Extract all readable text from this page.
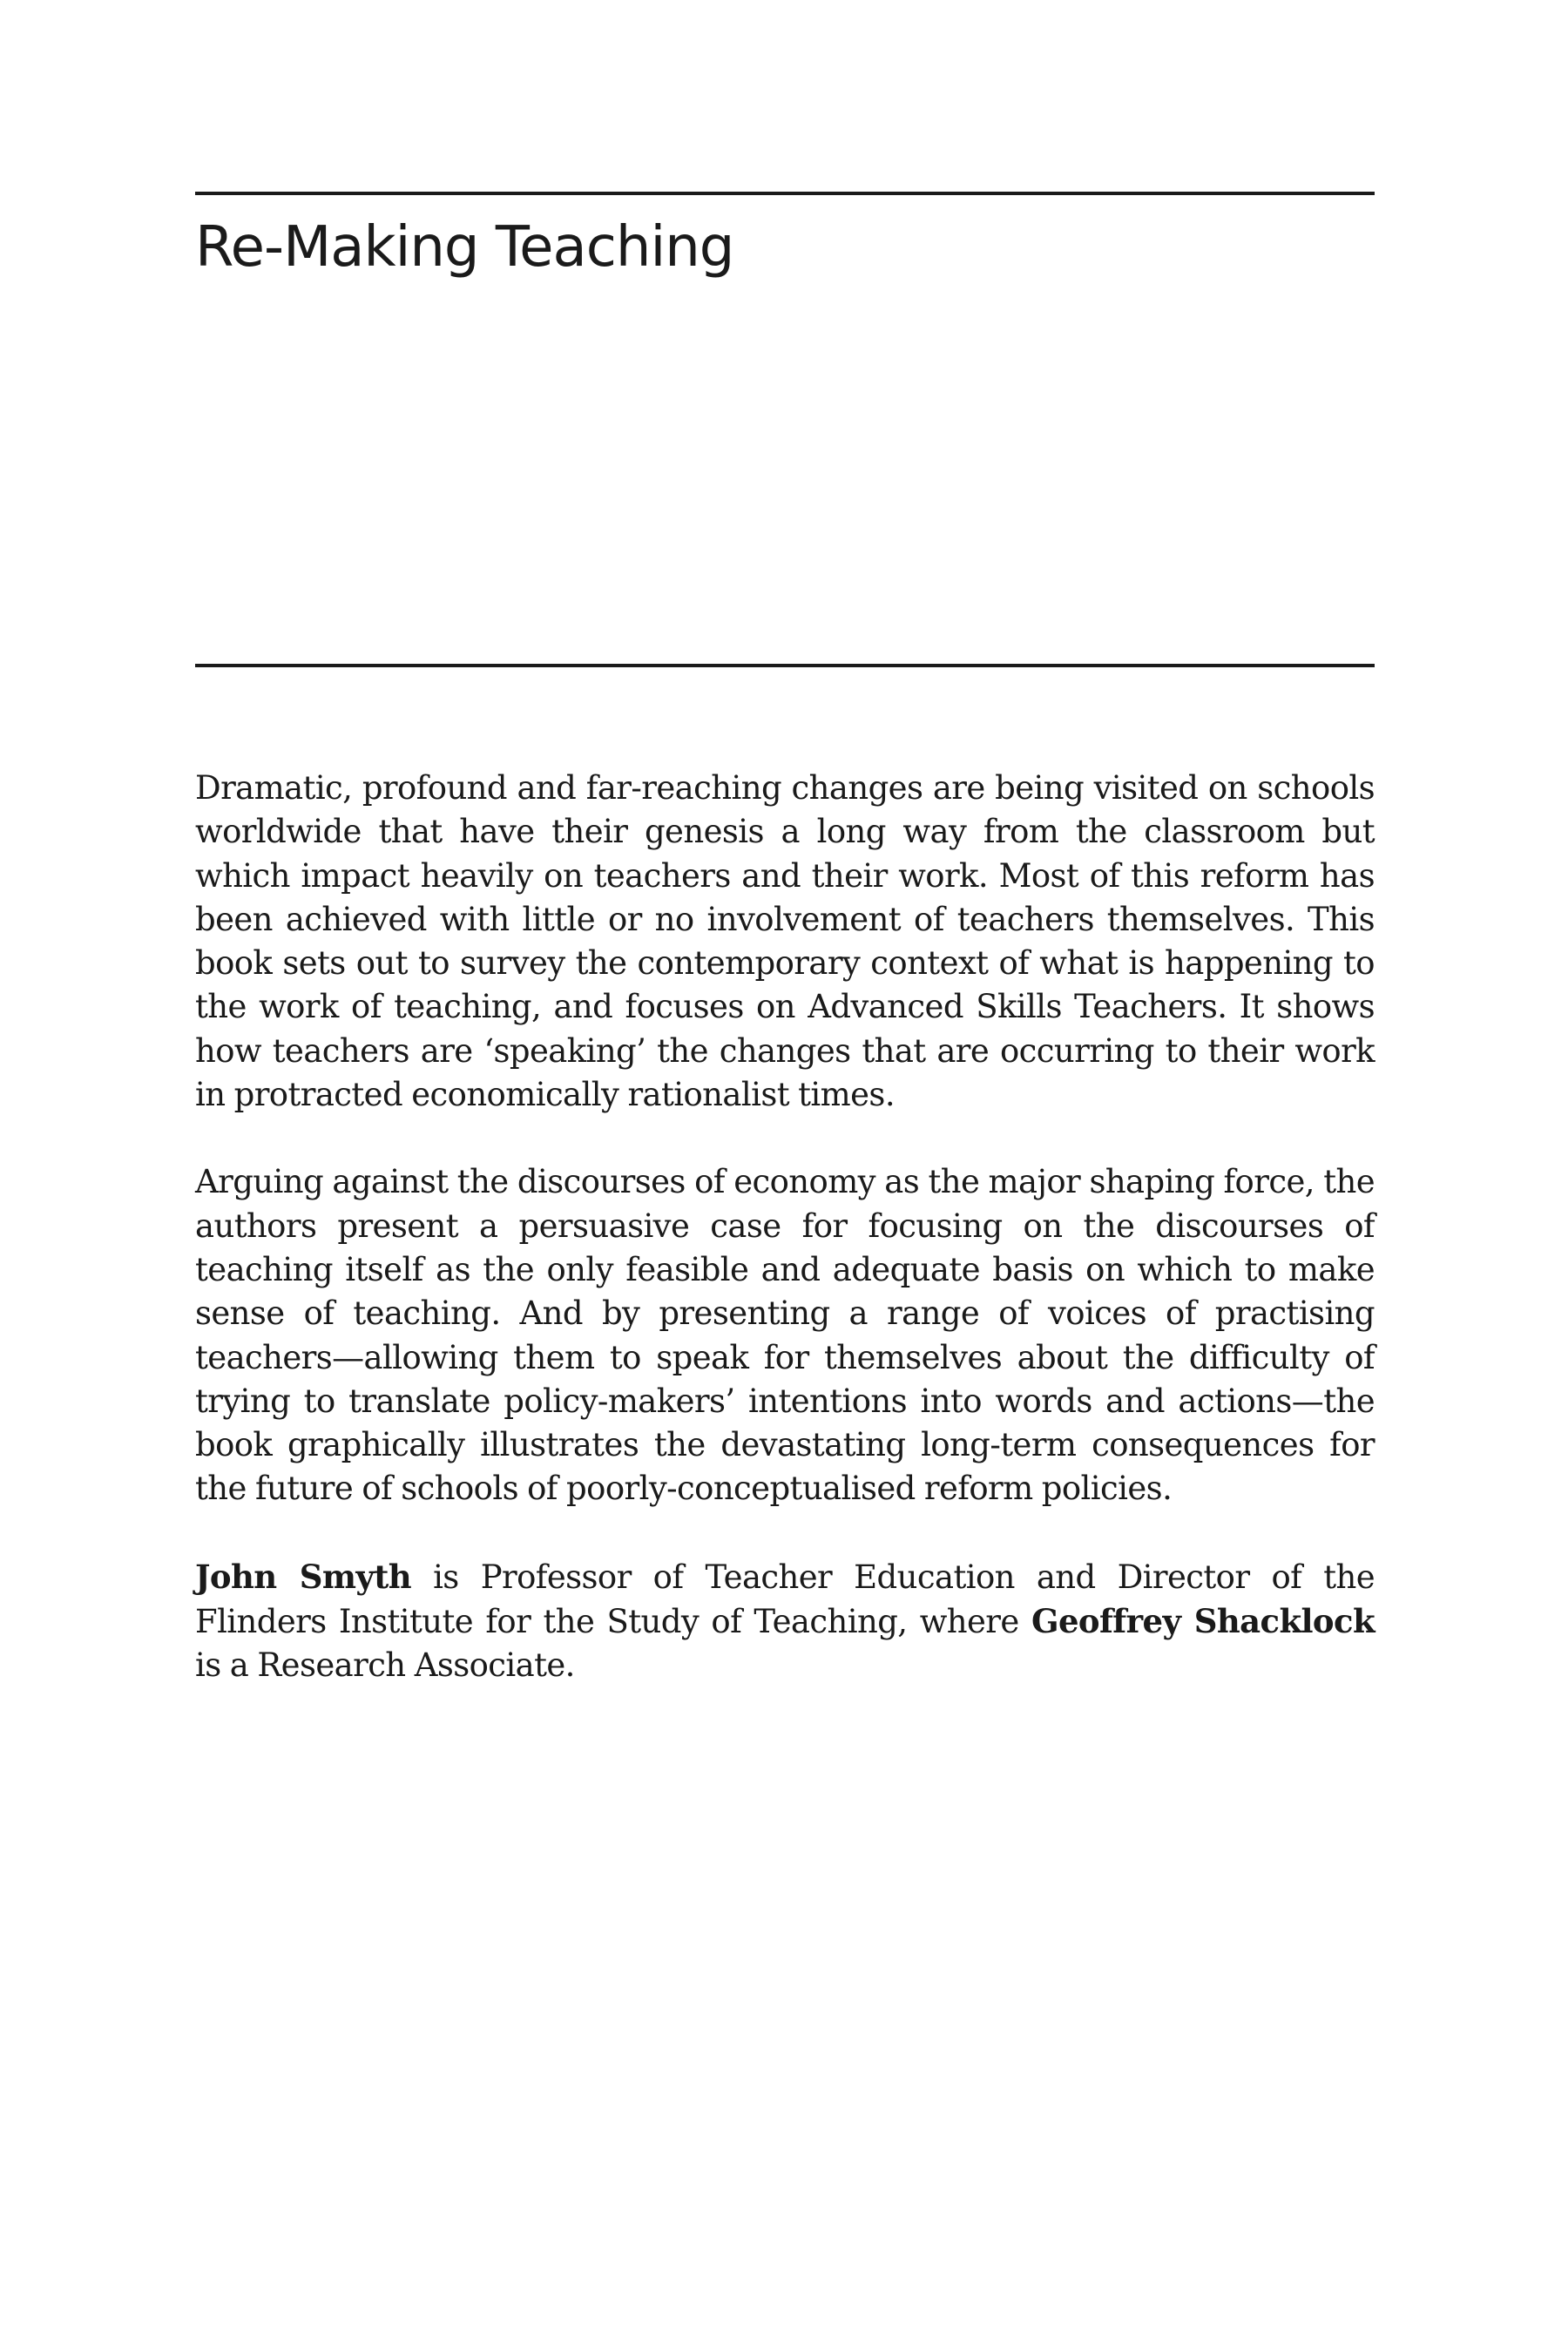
Re-Making Teaching

Dramatic, profound and far-reaching changes are being visited on schools worldwide that have their genesis a long way from the classroom but which impact heavily on teachers and their work. Most of this reform has been achieved with little or no involvement of teachers themselves. This book sets out to survey the contemporary context of what is happening to the work of teaching, and focuses on Advanced Skills Teachers. It shows how teachers are ‘speaking’ the changes that are occurring to their work in protracted economically rationalist times.

Arguing against the discourses of economy as the major shaping force, the authors present a persuasive case for focusing on the discourses of teaching itself as the only feasible and adequate basis on which to make sense of teaching. And by presenting a range of voices of practising teachers—allowing them to speak for themselves about the difficulty of trying to translate policy-makers’ intentions into words and actions—the book graphically illustrates the devastating long-term consequences for the future of schools of poorly-conceptualised reform policies.

John Smyth is Professor of Teacher Education and Director of the Flinders Institute for the Study of Teaching, where Geoffrey Shacklock is a Research Associate.
